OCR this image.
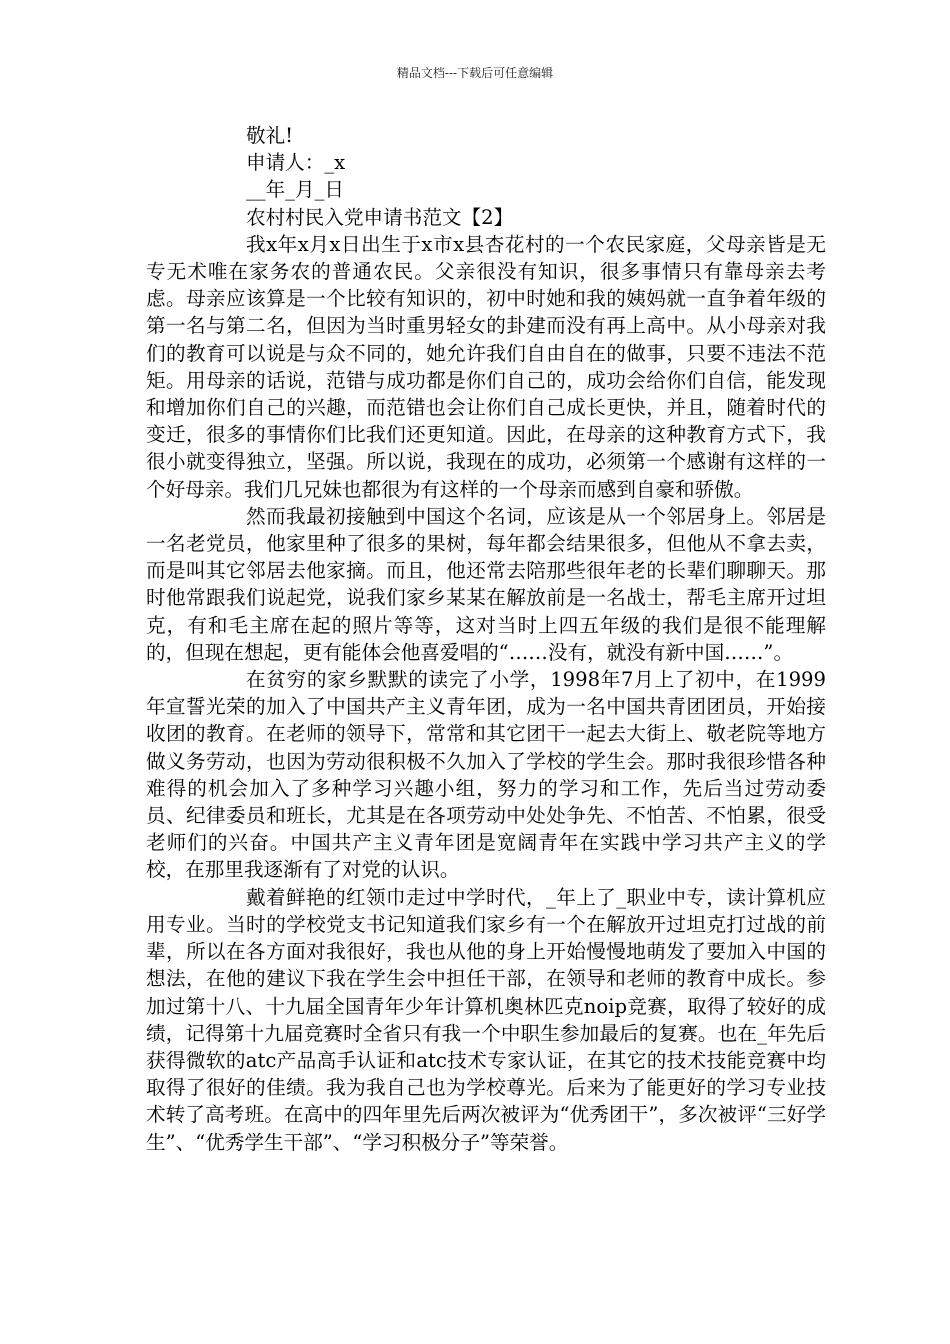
精品文档---下载后可任意编辑

敬礼!

申请人：_x

__年_月_日

农村村民入党申请书范文【2】

我x年x月x日出生于x市x县杏花村的一个农民家庭，父母亲皆是无专无术唯在家务农的普通农民。父亲很没有知识，很多事情只有靠母亲去考虑。母亲应该算是一个比较有知识的，初中时她和我的姨妈就一直争着年级的第一名与第二名，但因为当时重男轻女的卦建而没有再上高中。从小母亲对我们的教育可以说是与众不同的，她允许我们自由自在的做事，只要不违法不范矩。用母亲的话说，范错与成功都是你们自己的，成功会给你们自信，能发现和增加你们自己的兴趣，而范错也会让你们自己成长更快，并且，随着时代的变迁，很多的事情你们比我们还更知道。因此，在母亲的这种教育方式下，我很小就变得独立，坚强。所以说，我现在的成功，必须第一个感谢有这样的一个好母亲。我们几兄妹也都很为有这样的一个母亲而感到自豪和骄傲。

然而我最初接触到中国这个名词，应该是从一个邻居身上。邻居是一名老党员，他家里种了很多的果树，每年都会结果很多，但他从不拿去卖，而是叫其它邻居去他家摘。而且，他还常去陪那些很年老的长辈们聊聊天。那时他常跟我们说起党，说我们家乡某某在解放前是一名战士，帮毛主席开过坦克，有和毛主席在起的照片等等，这对当时上四五年级的我们是很不能理解的，但现在想起，更有能体会他喜爱唱的“……没有，就没有新中国……”。

在贫穷的家乡默默的读完了小学，1998年7月上了初中，在1999年宣誓光荣的加入了中国共产主义青年团，成为一名中国共青团团员，开始接收团的教育。在老师的领导下，常常和其它团干一起去大街上、敬老院等地方做义务劳动，也因为劳动很积极不久加入了学校的学生会。那时我很珍惜各种难得的机会加入了多种学习兴趣小组，努力的学习和工作，先后当过劳动委员、纪律委员和班长，尤其是在各项劳动中处处争先、不怕苦、不怕累，很受老师们的兴奋。中国共产主义青年团是宽阔青年在实践中学习共产主义的学校，在那里我逐渐有了对党的认识。

戴着鲜艳的红领巾走过中学时代，_年上了_职业中专，读计算机应用专业。当时的学校党支书记知道我们家乡有一个在解放开过坦克打过战的前辈，所以在各方面对我很好，我也从他的身上开始慢慢地萌发了要加入中国的想法，在他的建议下我在学生会中担任干部，在领导和老师的教育中成长。参加过第十八、十九届全国青年少年计算机奥林匹克noip竞赛，取得了较好的成绩，记得第十九届竞赛时全省只有我一个中职生参加最后的复赛。也在_年先后获得微软的atc产品高手认证和atc技术专家认证，在其它的技术技能竞赛中均取得了很好的佳绩。我为我自己也为学校尊光。后来为了能更好的学习专业技术转了高考班。在高中的四年里先后两次被评为“优秀团干”，多次被评“三好学生”、“优秀学生干部”、“学习积极分子”等荣誉。
